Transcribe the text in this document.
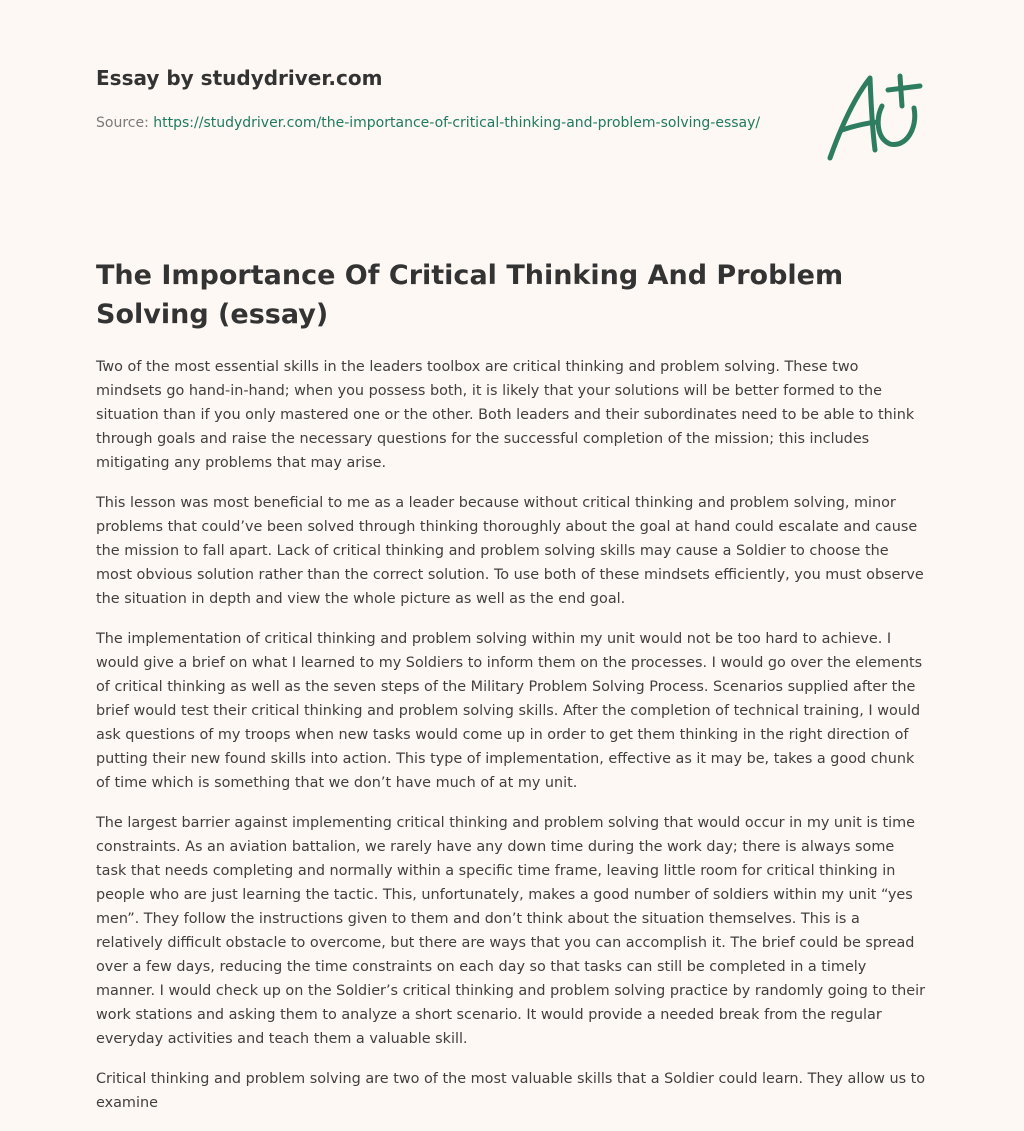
Essay by studydriver.com
Source: https://studydriver.com/the-importance-of-critical-thinking-and-problem-solving-essay/
The Importance Of Critical Thinking And Problem Solving (essay)

Two of the most essential skills in the leaders toolbox are critical thinking and problem solving. These two mindsets go hand-in-hand; when you possess both, it is likely that your solutions will be better formed to the situation than if you only mastered one or the other. Both leaders and their subordinates need to be able to think through goals and raise the necessary questions for the successful completion of the mission; this includes mitigating any problems that may arise.

This lesson was most beneficial to me as a leader because without critical thinking and problem solving, minor problems that could’ve been solved through thinking thoroughly about the goal at hand could escalate and cause the mission to fall apart. Lack of critical thinking and problem solving skills may cause a Soldier to choose the most obvious solution rather than the correct solution. To use both of these mindsets efficiently, you must observe the situation in depth and view the whole picture as well as the end goal.

The implementation of critical thinking and problem solving within my unit would not be too hard to achieve. I would give a brief on what I learned to my Soldiers to inform them on the processes. I would go over the elements of critical thinking as well as the seven steps of the Military Problem Solving Process. Scenarios supplied after the brief would test their critical thinking and problem solving skills. After the completion of technical training, I would ask questions of my troops when new tasks would come up in order to get them thinking in the right direction of putting their new found skills into action. This type of implementation, effective as it may be, takes a good chunk of time which is something that we don’t have much of at my unit.

The largest barrier against implementing critical thinking and problem solving that would occur in my unit is time constraints. As an aviation battalion, we rarely have any down time during the work day; there is always some task that needs completing and normally within a specific time frame, leaving little room for critical thinking in people who are just learning the tactic. This, unfortunately, makes a good number of soldiers within my unit “yes men”. They follow the instructions given to them and don’t think about the situation themselves. This is a relatively difficult obstacle to overcome, but there are ways that you can accomplish it. The brief could be spread over a few days, reducing the time constraints on each day so that tasks can still be completed in a timely manner. I would check up on the Soldier’s critical thinking and problem solving practice by randomly going to their work stations and asking them to analyze a short scenario. It would provide a needed break from the regular everyday activities and teach them a valuable skill.

Critical thinking and problem solving are two of the most valuable skills that a Soldier could learn. They allow us to examine
